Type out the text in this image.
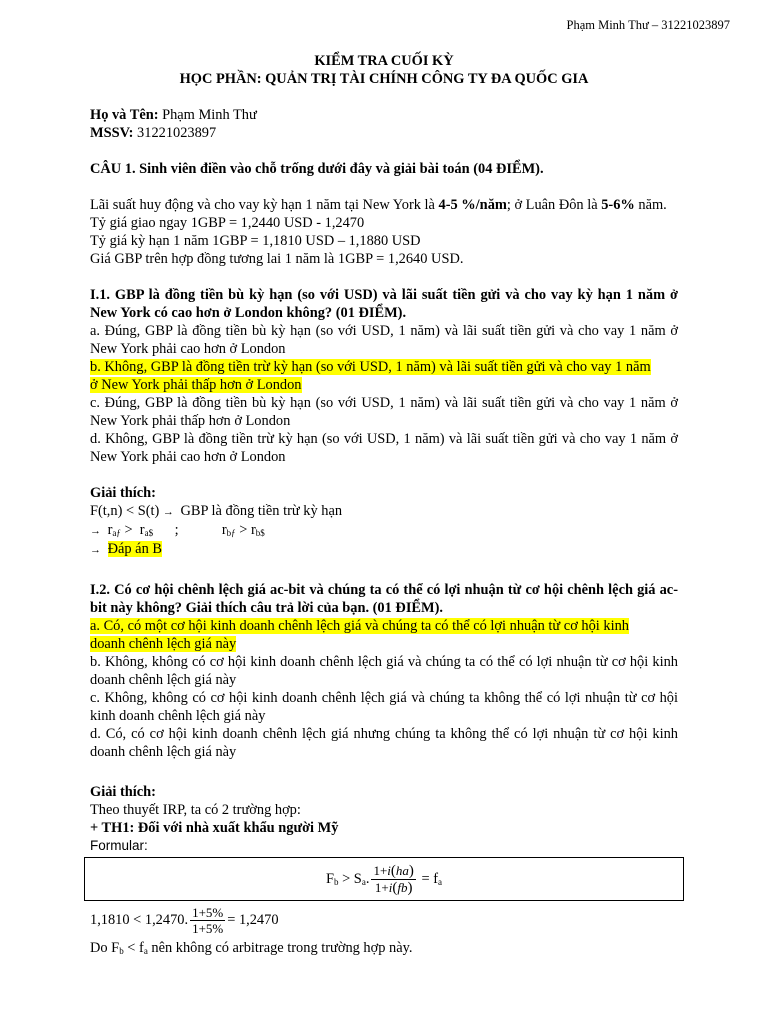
Phạm Minh Thư – 31221023897
KIỂM TRA CUỐI KỲ
HỌC PHẦN: QUẢN TRỊ TÀI CHÍNH CÔNG TY ĐA QUỐC GIA
Họ và Tên: Phạm Minh Thư
MSSV: 31221023897
CÂU 1. Sinh viên điền vào chỗ trống dưới đây và giải bài toán (04 ĐIỂM).
Lãi suất huy động và cho vay kỳ hạn 1 năm tại New York là 4-5 %/năm; ở Luân Đôn là 5-6% năm.
Tỷ giá giao ngay 1GBP = 1,2440 USD - 1,2470
Tỷ giá kỳ hạn 1 năm 1GBP = 1,1810 USD – 1,1880 USD
Giá GBP trên hợp đồng tương lai 1 năm là 1GBP = 1,2640 USD.
I.1. GBP là đồng tiền bù kỳ hạn (so với USD) và lãi suất tiền gửi và cho vay kỳ hạn 1 năm ở New York có cao hơn ở London không? (01 ĐIỂM).
a. Đúng, GBP là đồng tiền bù kỳ hạn (so với USD, 1 năm) và lãi suất tiền gửi và cho vay 1 năm ở New York phải cao hơn ở London
b. Không, GBP là đồng tiền trừ kỳ hạn (so với USD, 1 năm) và lãi suất tiền gửi và cho vay 1 năm
ở New York phải thấp hơn ở London
c. Đúng, GBP là đồng tiền bù kỳ hạn (so với USD, 1 năm) và lãi suất tiền gửi và cho vay 1 năm ở New York phải thấp hơn ở London
d. Không, GBP là đồng tiền trừ kỳ hạn (so với USD, 1 năm) và lãi suất tiền gửi và cho vay 1 năm ở New York phải cao hơn ở London
Giải thích:
F(t,n) < S(t) → GBP là đồng tiền trừ kỳ hạn
→ $r_{aƒ} > r_{a\$}$      ;            $r_{bƒ} > r_{b\$}$
→ Đáp án B
I.2. Có cơ hội chênh lệch giá ac-bit và chúng ta có thể có lợi nhuận từ cơ hội chênh lệch giá ac-bit này không? Giải thích câu trả lời của bạn. (01 ĐIỂM).
a. Có, có một cơ hội kinh doanh chênh lệch giá và chúng ta có thể có lợi nhuận từ cơ hội kinh
doanh chênh lệch giá này
b. Không, không có cơ hội kinh doanh chênh lệch giá và chúng ta có thể có lợi nhuận từ cơ hội kinh doanh chênh lệch giá này
c. Không, không có cơ hội kinh doanh chênh lệch giá và chúng ta không thể có lợi nhuận từ cơ hội kinh doanh chênh lệch giá này
d. Có, có cơ hội kinh doanh chênh lệch giá nhưng chúng ta không thể có lợi nhuận từ cơ hội kinh doanh chênh lệch giá này
Giải thích:
Theo thuyết IRP, ta có 2 trường hợp:
+ TH1: Đối với nhà xuất khẩu người Mỹ
Formular:
$F_b > S_a$. $\frac{1+i(ha)}{1+i(fb)} = f_a$
1,1810 < 1,2470. $\frac{1+5\%}{1+5\%} = 1,2470$
Do $F_b < f_a$ nên không có arbitrage trong trường hợp này.
